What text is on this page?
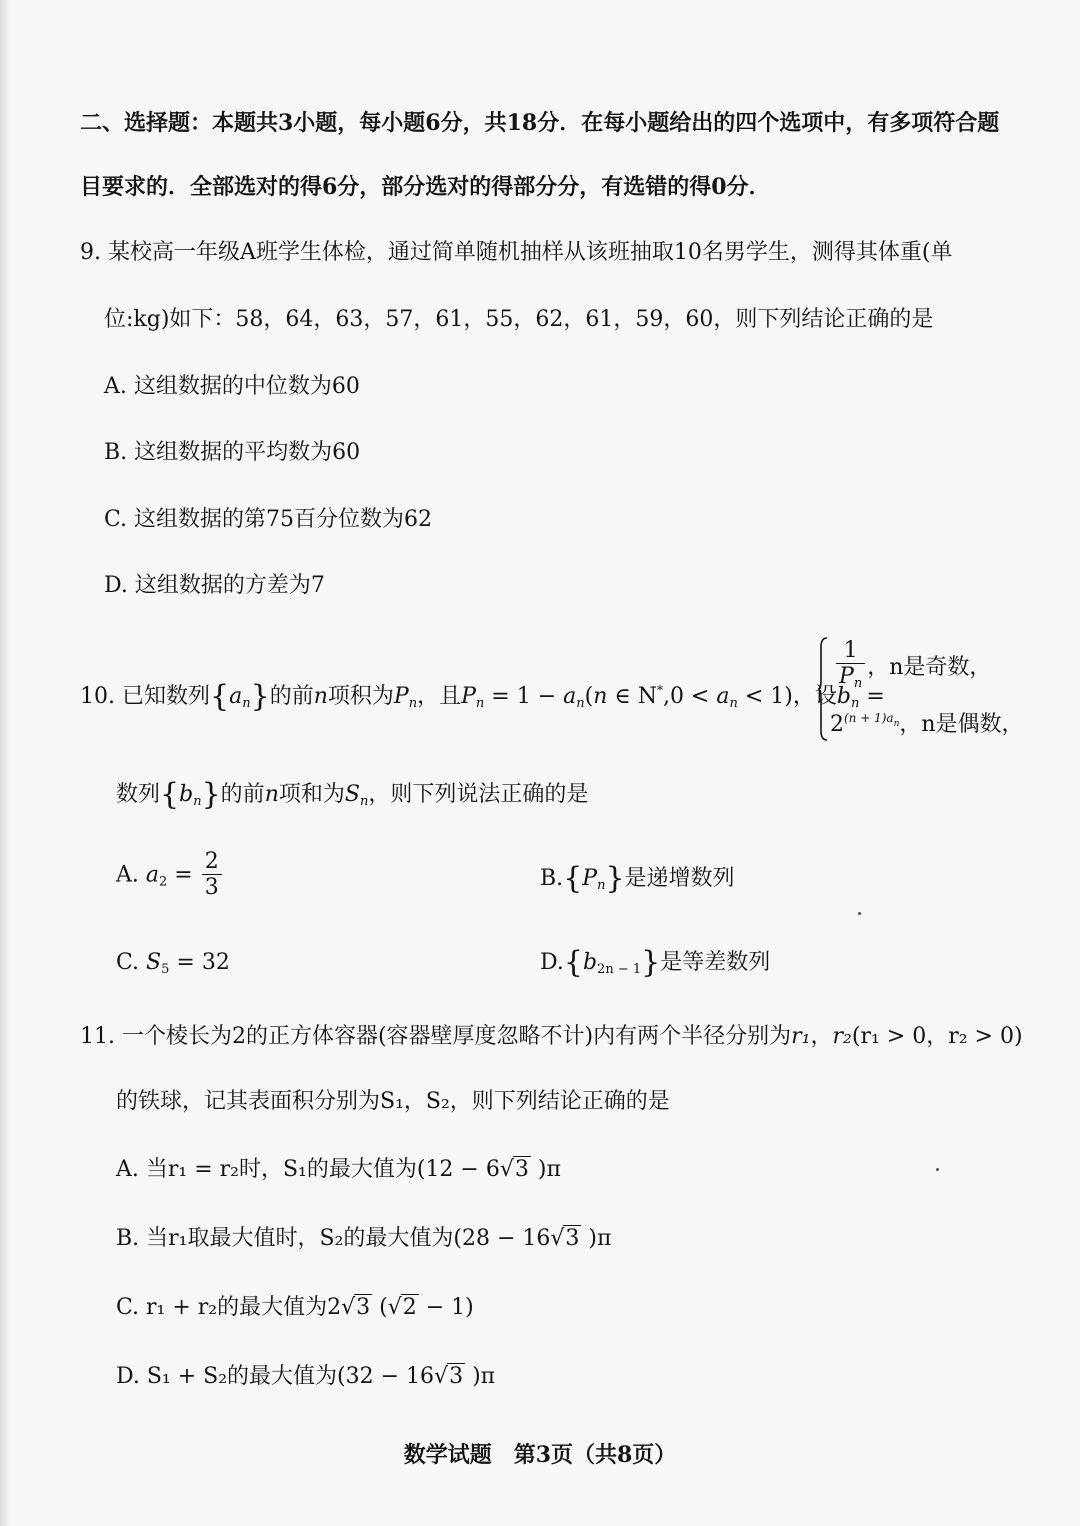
二、选择题：本题共3小题，每小题6分，共18分．在每小题给出的四个选项中，有多项符合题
目要求的．全部选对的得6分，部分选对的得部分分，有选错的得0分．
9. 某校高一年级A班学生体检，通过简单随机抽样从该班抽取10名男学生，测得其体重(单
位:kg)如下：58，64，63，57，61，55，62，61，59，60，则下列结论正确的是
A. 这组数据的中位数为60
B. 这组数据的平均数为60
C. 这组数据的第75百分位数为62
D. 这组数据的方差为7
10. 已知数列$\{a_n\}$的前n项积为$P_n$，且$P_n = 1 - a_n(n$ ∈ $N^*,0 < a_n < 1$)，设$b_n$ =
$\frac{1}{P_n}$ ，n是奇数，
$2^{(n + 1)a_n}$，n是偶数，
数列$\{b_n\}$的前n项和为$S_n$，则下列说法正确的是
A. $a_2 = \frac{2}{3}$	$B.\{P_n\}$是递增数列
C. $S_5 = 32$	$D.\{b_{2n - 1}\}$是等差数列
11. 一个棱长为2的正方体容器(容器壁厚度忽略不计)内有两个半径分别为r₁，r₂(r₁ > 0，r₂ > 0)
的铁球，记其表面积分别为S₁，S₂，则下列结论正确的是
A. 当r₁ = r₂时，S₁的最大值为(12 − 6√3 )π
B. 当r₁取最大值时，S₂的最大值为(28 − 16√3 )π
C. r₁ + r₂的最大值为2√3 (√2 − 1)
D. S₁ + S₂的最大值为(32 − 16√3 )π
数学试题　第3页（共8页）
